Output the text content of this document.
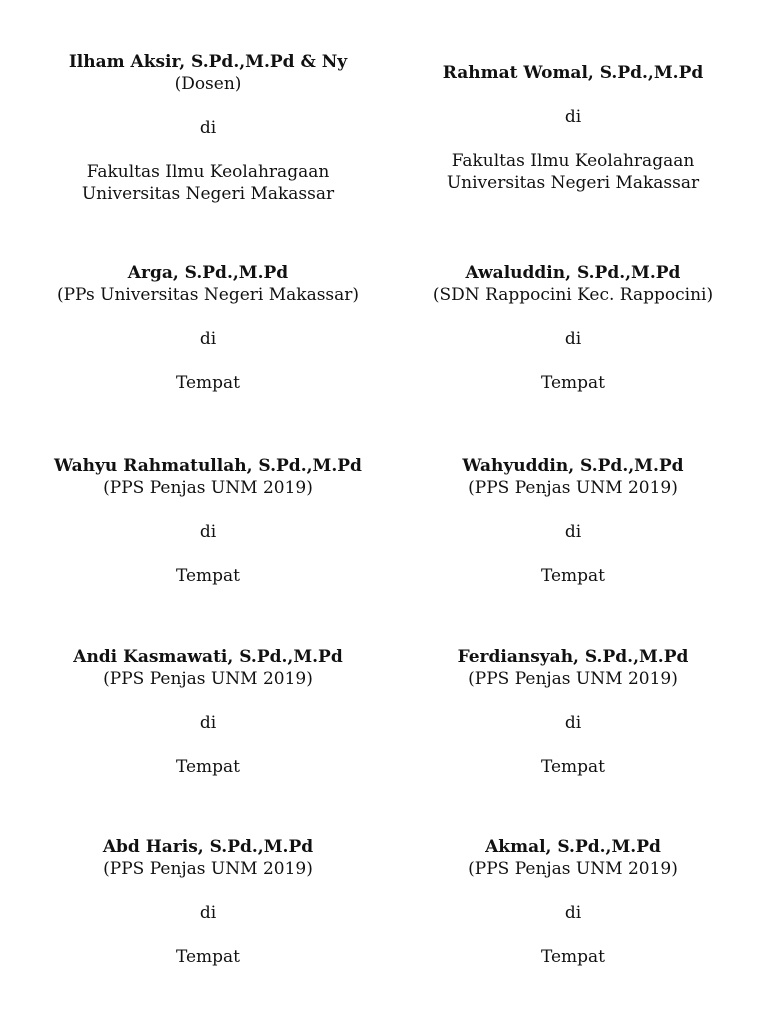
Ilham Aksir, S.Pd.,M.Pd & Ny
(Dosen)
di
Fakultas Ilmu Keolahragaan
Universitas Negeri Makassar
Rahmat Womal, S.Pd.,M.Pd
di
Fakultas Ilmu Keolahragaan
Universitas Negeri Makassar
Arga, S.Pd.,M.Pd
(PPs Universitas Negeri Makassar)
di
Tempat
Awaluddin, S.Pd.,M.Pd
(SDN Rappocini Kec. Rappocini)
di
Tempat
Wahyu Rahmatullah, S.Pd.,M.Pd
(PPS Penjas UNM 2019)
di
Tempat
Wahyuddin, S.Pd.,M.Pd
(PPS Penjas UNM 2019)
di
Tempat
Andi Kasmawati, S.Pd.,M.Pd
(PPS Penjas UNM 2019)
di
Tempat
Ferdiansyah, S.Pd.,M.Pd
(PPS Penjas UNM 2019)
di
Tempat
Abd Haris, S.Pd.,M.Pd
(PPS Penjas UNM 2019)
di
Tempat
Akmal, S.Pd.,M.Pd
(PPS Penjas UNM 2019)
di
Tempat
